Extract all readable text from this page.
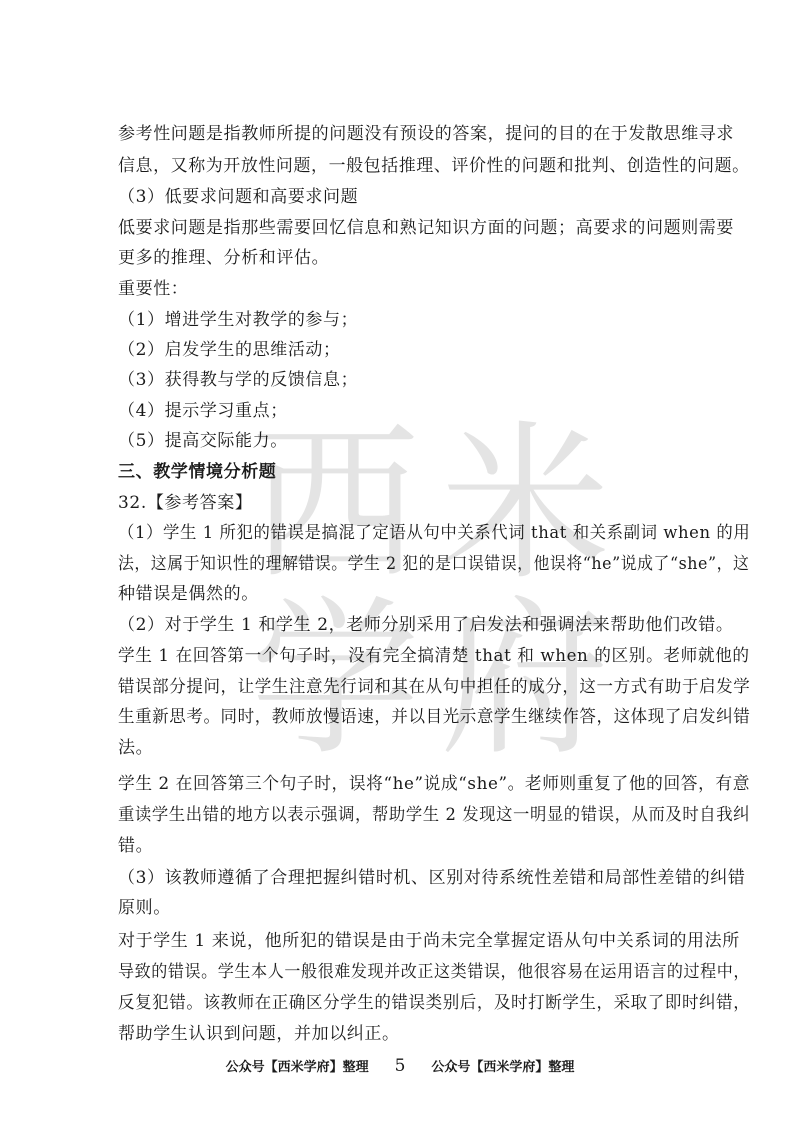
西 米
学 府
参考性问题是指教师所提的问题没有预设的答案，提问的目的在于发散思维寻求
信息，又称为开放性问题，一般包括推理、评价性的问题和批判、创造性的问题。
（3）低要求问题和高要求问题
低要求问题是指那些需要回忆信息和熟记知识方面的问题；高要求的问题则需要
更多的推理、分析和评估。
重要性：
（1）增进学生对教学的参与；
（2）启发学生的思维活动；
（3）获得教与学的反馈信息；
（4）提示学习重点；
（5）提高交际能力。
三、教学情境分析题
32.【参考答案】
（1）学生 1 所犯的错误是搞混了定语从句中关系代词 that 和关系副词 when 的用
法，这属于知识性的理解错误。学生 2 犯的是口误错误，他误将“he”说成了“she”，这
种错误是偶然的。
（2）对于学生 1 和学生 2，老师分别采用了启发法和强调法来帮助他们改错。
学生 1 在回答第一个句子时，没有完全搞清楚 that 和 when 的区别。老师就他的
错误部分提问，让学生注意先行词和其在从句中担任的成分，这一方式有助于启发学
生重新思考。同时，教师放慢语速，并以目光示意学生继续作答，这体现了启发纠错
法。
学生 2 在回答第三个句子时，误将“he”说成“she”。老师则重复了他的回答，有意
重读学生出错的地方以表示强调，帮助学生 2 发现这一明显的错误，从而及时自我纠
错。
（3）该教师遵循了合理把握纠错时机、区别对待系统性差错和局部性差错的纠错
原则。
对于学生 1 来说，他所犯的错误是由于尚未完全掌握定语从句中关系词的用法所
导致的错误。学生本人一般很难发现并改正这类错误，他很容易在运用语言的过程中，
反复犯错。该教师在正确区分学生的错误类别后，及时打断学生，采取了即时纠错，
帮助学生认识到问题，并加以纠正。
公众号【西米学府】整理 5 公众号【西米学府】整理
